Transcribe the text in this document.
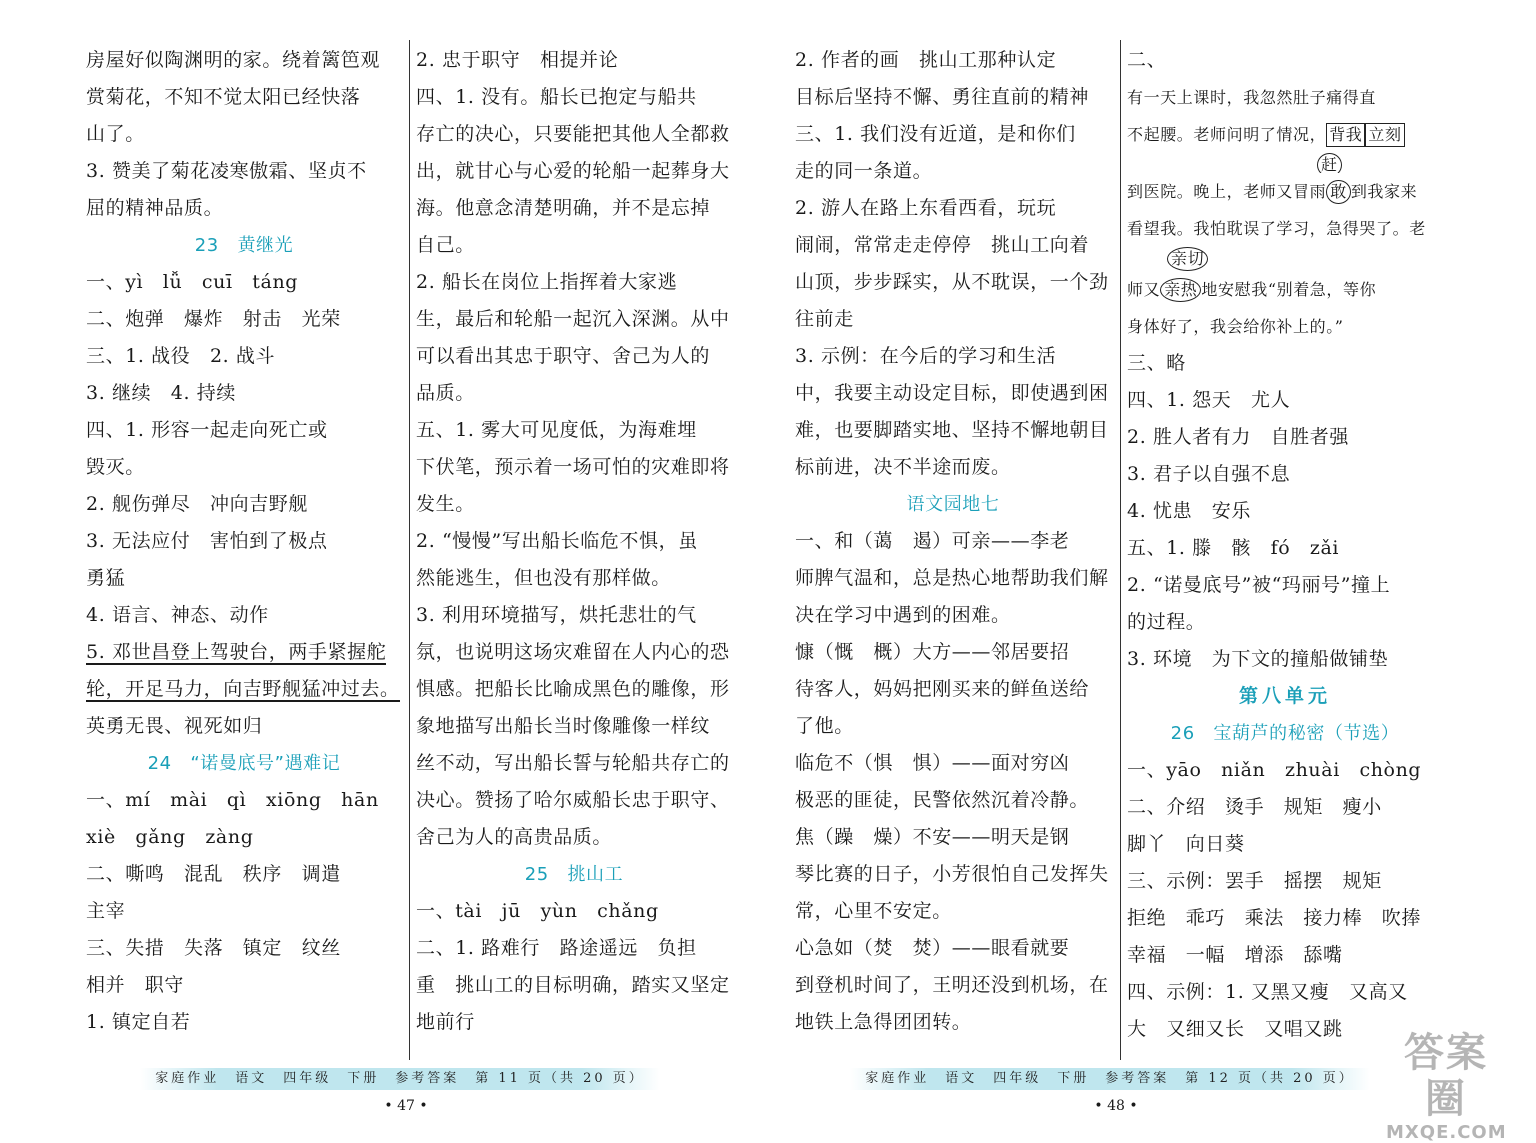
房屋好似陶渊明的家。绕着篱笆观
赏菊花，不知不觉太阳已经快落
山了。
3. 赞美了菊花凌寒傲霜、坚贞不
屈的精神品质。
23　黄继光
一、yì　lǚ　cuī　táng
二、炮弹　爆炸　射击　光荣
三、1. 战役　2. 战斗
3. 继续　4. 持续
四、1. 形容一起走向死亡或
毁灭。
2. 舰伤弹尽　冲向吉野舰
3. 无法应付　害怕到了极点
勇猛
4. 语言、神态、动作
5. 邓世昌登上驾驶台，两手紧握舵
轮，开足马力，向吉野舰猛冲过去。
英勇无畏、视死如归
24　“诺曼底号”遇难记
一、mí　mài　qì　xiōng　hān
xiè　gǎng　zàng
二、嘶鸣　混乱　秩序　调遣
主宰
三、失措　失落　镇定　纹丝
相并　职守
1. 镇定自若
2. 忠于职守　相提并论
四、1. 没有。船长已抱定与船共
存亡的决心，只要能把其他人全都救
出，就甘心与心爱的轮船一起葬身大
海。他意念清楚明确，并不是忘掉
自己。
2. 船长在岗位上指挥着大家逃
生，最后和轮船一起沉入深渊。从中
可以看出其忠于职守、舍己为人的
品质。
五、1. 雾大可见度低，为海难埋
下伏笔，预示着一场可怕的灾难即将
发生。
2. “慢慢”写出船长临危不惧，虽
然能逃生，但也没有那样做。
3. 利用环境描写，烘托悲壮的气
氛，也说明这场灾难留在人内心的恐
惧感。把船长比喻成黑色的雕像，形
象地描写出船长当时像雕像一样纹
丝不动，写出船长誓与轮船共存亡的
决心。赞扬了哈尔威船长忠于职守、
舍己为人的高贵品质。
25　挑山工
一、tài　jū　yùn　chǎng
二、1. 路难行　路途遥远　负担
重　挑山工的目标明确，踏实又坚定
地前行
2. 作者的画　挑山工那种认定
目标后坚持不懈、勇往直前的精神
三、1. 我们没有近道，是和你们
走的同一条道。
2. 游人在路上东看西看，玩玩
闹闹，常常走走停停　挑山工向着
山顶，步步踩实，从不耽误，一个劲
往前走
3. 示例：在今后的学习和生活
中，我要主动设定目标，即使遇到困
难，也要脚踏实地、坚持不懈地朝目
标前进，决不半途而废。
语文园地七
一、和（蔼　遏）可亲——李老
师脾气温和，总是热心地帮助我们解
决在学习中遇到的困难。
慷（慨　概）大方——邻居要招
待客人，妈妈把刚买来的鲜鱼送给
了他。
临危不（惧　惧）——面对穷凶
极恶的匪徒，民警依然沉着冷静。
焦（躁　燥）不安——明天是钢
琴比赛的日子，小芳很怕自己发挥失
常，心里不安定。
心急如（焚　焚）——眼看就要
到登机时间了，王明还没到机场，在
地铁上急得团团转。
二、
有一天上课时，我忽然肚子痛得直
不起腰。老师问明了情况， 背我 立刻
赶
到医院。晚上，老师又冒雨 敢 到我家来
看望我。我怕耽误了学习，急得哭了。老
亲切
师又 亲热 地安慰我“别着急，等你
身体好了，我会给你补上的。”
三、略
四、1. 怨天　尤人
2. 胜人者有力　自胜者强
3. 君子以自强不息
4. 忧患　安乐
五、1. 滕　骸　fó　zǎi
2. “诺曼底号”被“玛丽号”撞上
的过程。
3. 环境　为下文的撞船做铺垫
第八单元
26　宝葫芦的秘密（节选）
一、yāo　niǎn　zhuài　chòng
二、介绍　烫手　规矩　瘦小
脚丫　向日葵
三、示例：罢手　摇摆　规矩
拒绝　乖巧　乘法　接力棒　吹捧
幸福　一幅　增添　舔嘴
四、示例：1. 又黑又瘦　又高又
大　又细又长　又唱又跳
家庭作业　语文　四年级　下册　参考答案　第 11 页（共 20 页）	家庭作业　语文　四年级　下册　参考答案　第 12 页（共 20 页）
• 47 •	• 48 •
答案圈
MXQE.COM
